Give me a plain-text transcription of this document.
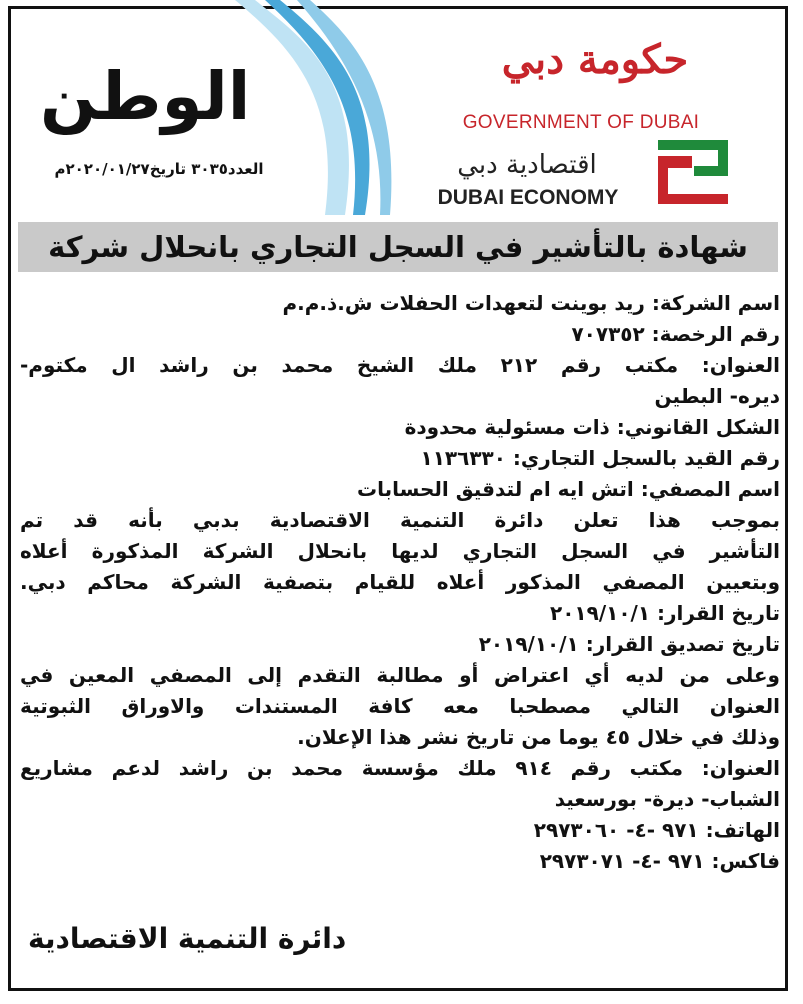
الوطن
العدد٣٠٣٥ تاريخ٢٠٢٠/٠١/٢٧م
حكومة دبي
GOVERNMENT OF DUBAI
اقتصادية دبي
DUBAI ECONOMY
شهادة بالتأشير في السجل التجاري بانحلال شركة
اسم الشركة: ريد بوينت لتعهدات الحفلات ش.ذ.م.م
رقم الرخصة: ٧٠٧٣٥٢
العنوان: مكتب رقم ٢١٢ ملك الشيخ محمد بن راشد ال مكتوم-
ديره- البطين
الشكل القانوني: ذات مسئولية محدودة
رقم القيد بالسجل التجاري: ١١٣٦٣٣٠
اسم المصفي: اتش ايه ام لتدقيق الحسابات
بموجب هذا تعلن دائرة التنمية الاقتصادية بدبي بأنه قد تم
التأشير في السجل التجاري لديها بانحلال الشركة المذكورة أعلاه
وبتعيين المصفي المذكور أعلاه للقيام بتصفية الشركة محاكم دبي.
تاريخ القرار: ٢٠١٩/١٠/١
تاريخ تصديق القرار: ٢٠١٩/١٠/١
وعلى من لديه أي اعتراض أو مطالبة التقدم إلى المصفي المعين في
العنوان التالي مصطحبا معه كافة المستندات والاوراق الثبوتية
وذلك في خلال ٤٥ يوما من تاريخ نشر هذا الإعلان.
العنوان: مكتب رقم ٩١٤ ملك مؤسسة محمد بن راشد لدعم مشاريع
الشباب- ديرة- بورسعيد
الهاتف: ٩٧١ -٤- ٢٩٧٣٠٦٠
فاكس: ٩٧١ -٤- ٢٩٧٣٠٧١
دائرة التنمية الاقتصادية
